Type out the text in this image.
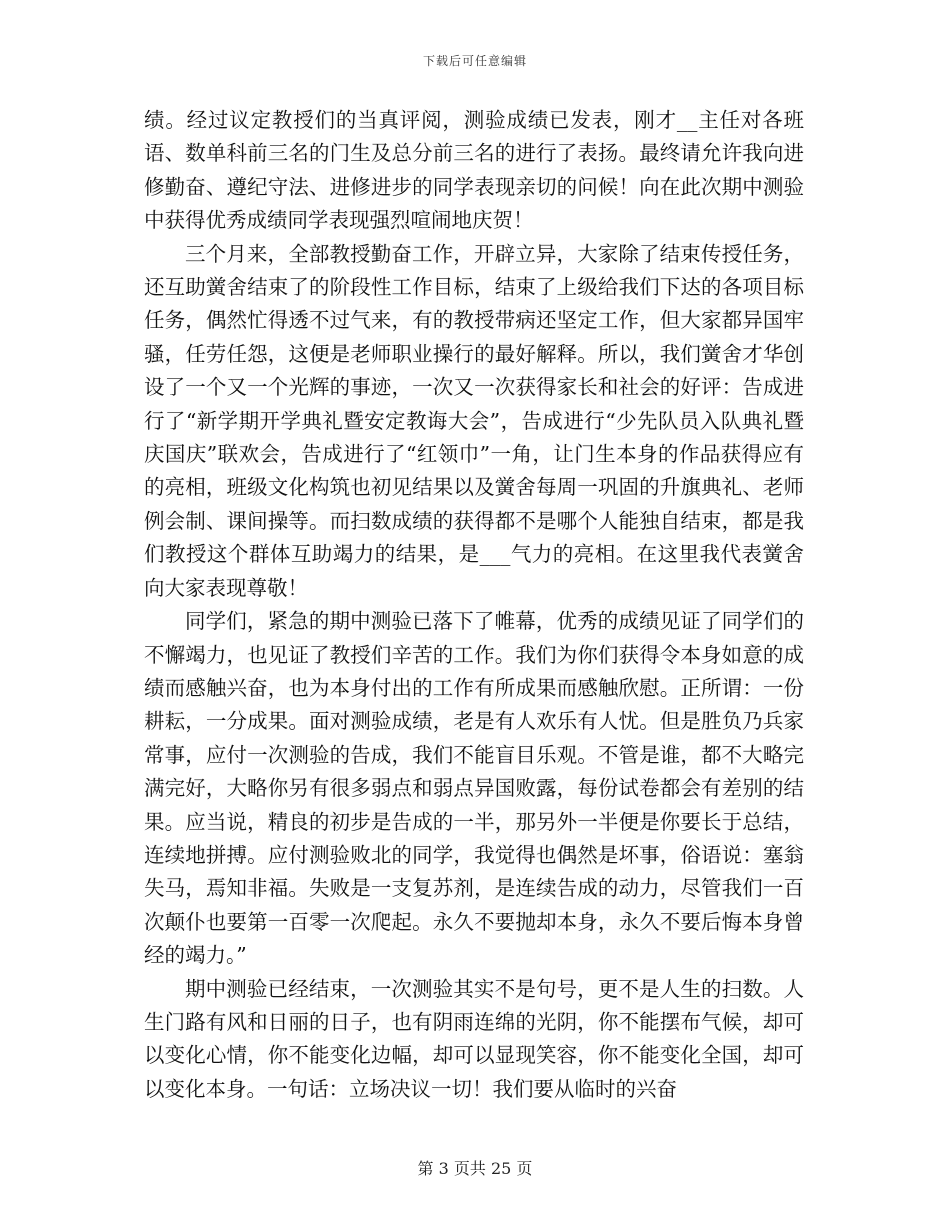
下载后可任意编辑

绩。经过议定教授们的当真评阅，测验成绩已发表，刚才__主任对各班语、数单科前三名的门生及总分前三名的进行了表扬。最终请允许我向进修勤奋、遵纪守法、进修进步的同学表现亲切的问候！向在此次期中测验中获得优秀成绩同学表现强烈喧闹地庆贺！

三个月来，全部教授勤奋工作，开辟立异，大家除了结束传授任务，还互助黉舍结束了的阶段性工作目标，结束了上级给我们下达的各项目标任务，偶然忙得透不过气来，有的教授带病还坚定工作，但大家都异国牢骚，任劳任怨，这便是老师职业操行的最好解释。所以，我们黉舍才华创设了一个又一个光辉的事迹，一次又一次获得家长和社会的好评：告成进行了“新学期开学典礼暨安定教诲大会”，告成进行“少先队员入队典礼暨庆国庆”联欢会，告成进行了“红领巾”一角，让门生本身的作品获得应有的亮相，班级文化构筑也初见结果以及黉舍每周一巩固的升旗典礼、老师例会制、课间操等。而扫数成绩的获得都不是哪个人能独自结束，都是我们教授这个群体互助竭力的结果，是___气力的亮相。在这里我代表黉舍向大家表现尊敬！

同学们，紧急的期中测验已落下了帷幕，优秀的成绩见证了同学们的不懈竭力，也见证了教授们辛苦的工作。我们为你们获得令本身如意的成绩而感触兴奋，也为本身付出的工作有所成果而感触欣慰。正所谓：一份耕耘，一分成果。面对测验成绩，老是有人欢乐有人忧。但是胜负乃兵家常事，应付一次测验的告成，我们不能盲目乐观。不管是谁，都不大略完满完好，大略你另有很多弱点和弱点异国败露，每份试卷都会有差别的结果。应当说，精良的初步是告成的一半，那另外一半便是你要长于总结，连续地拼搏。应付测验败北的同学，我觉得也偶然是坏事，俗语说：塞翁失马，焉知非福。失败是一支复苏剂，是连续告成的动力，尽管我们一百次颠仆也要第一百零一次爬起。永久不要抛却本身，永久不要后悔本身曾经的竭力。”

期中测验已经结束，一次测验其实不是句号，更不是人生的扫数。人生门路有风和日丽的日子，也有阴雨连绵的光阴，你不能摆布气候，却可以变化心情，你不能变化边幅，却可以显现笑容，你不能变化全国，却可以变化本身。一句话：立场决议一切！我们要从临时的兴奋

第 3 页共 25 页
